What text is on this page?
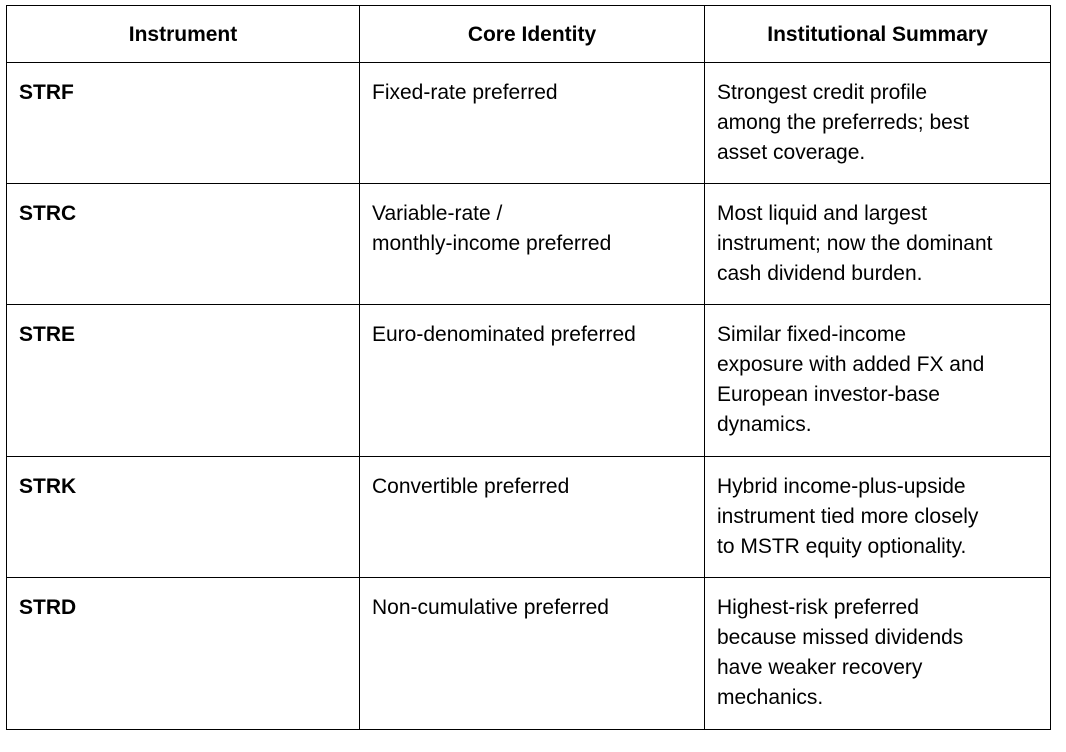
Instrument	Core Identity	Institutional Summary

STRF	Fixed-rate preferred	Strongest credit profile
among the preferreds; best
asset coverage.

STRC	Variable-rate /
monthly-income preferred	Most liquid and largest
instrument; now the dominant
cash dividend burden.

STRE	Euro-denominated preferred	Similar fixed-income
exposure with added FX and
European investor-base
dynamics.

STRK	Convertible preferred	Hybrid income-plus-upside
instrument tied more closely
to MSTR equity optionality.

STRD	Non-cumulative preferred	Highest-risk preferred
because missed dividends
have weaker recovery
mechanics.
